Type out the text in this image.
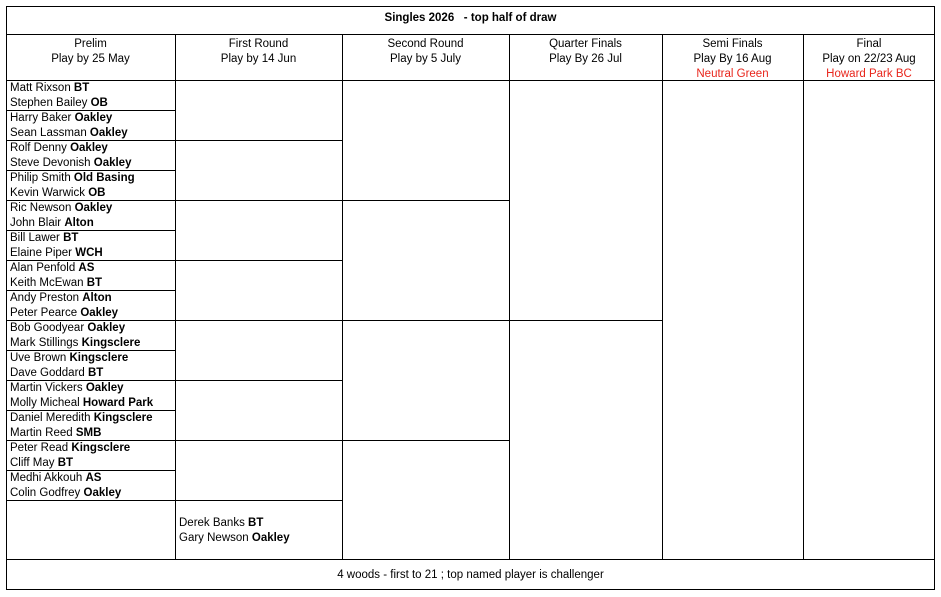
Singles 2026   - top half of draw
Prelim
Play by 25 May
First Round
Play by 14 Jun
Second Round
Play by 5 July
Quarter Finals
Play By 26 Jul
Semi Finals
Play By 16 Aug
Neutral Green
Final
Play on 22/23 Aug
Howard Park BC
Matt Rixson BT
Stephen Bailey OB
Harry Baker Oakley
Sean Lassman Oakley
Rolf Denny Oakley
Steve Devonish Oakley
Philip Smith Old Basing
Kevin Warwick OB
Ric Newson Oakley
John Blair Alton
Bill Lawer BT
Elaine Piper WCH
Alan Penfold AS
Keith McEwan BT
Andy Preston Alton
Peter Pearce Oakley
Bob Goodyear Oakley
Mark Stillings Kingsclere
Uve Brown Kingsclere
Dave Goddard BT
Martin Vickers Oakley
Molly Micheal Howard Park
Daniel Meredith Kingsclere
Martin Reed SMB
Peter Read Kingsclere
Cliff May BT
Medhi Akkouh AS
Colin Godfrey Oakley
Derek Banks BT
Gary Newson Oakley
4 woods - first to 21 ; top named player is challenger
